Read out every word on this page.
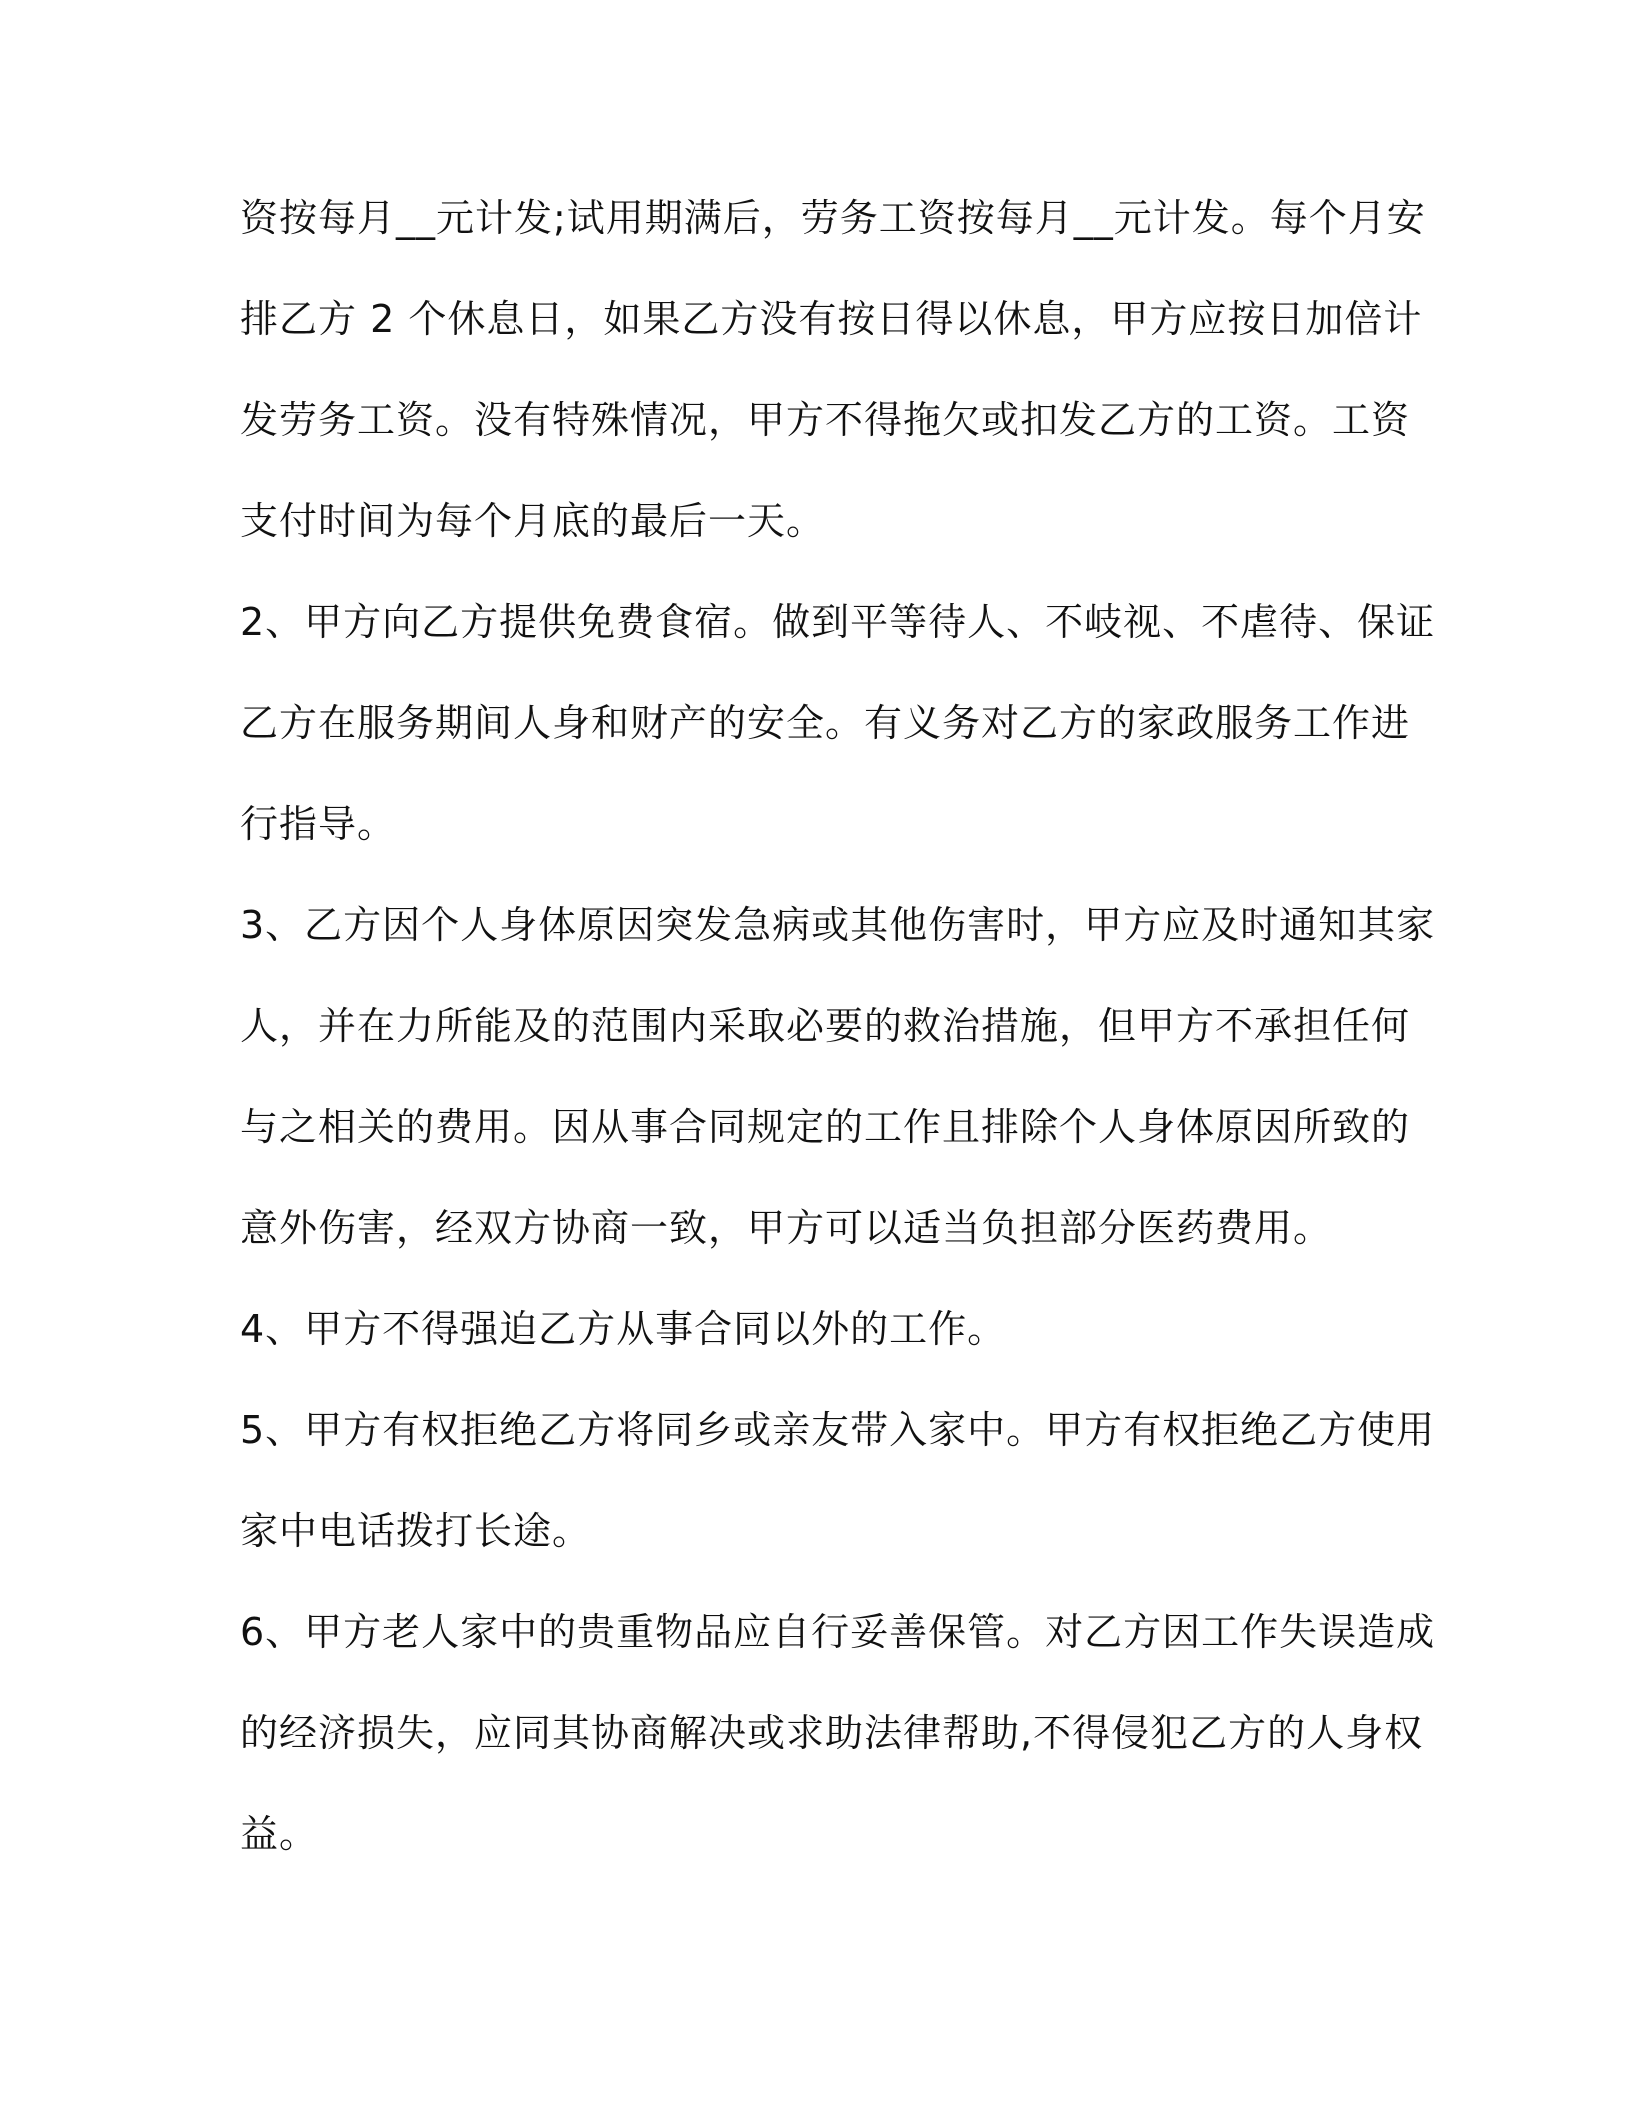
资按每月__元计发;试用期满后，劳务工资按每月__元计发。每个月安
排乙方 2 个休息日，如果乙方没有按日得以休息，甲方应按日加倍计
发劳务工资。没有特殊情况，甲方不得拖欠或扣发乙方的工资。工资
支付时间为每个月底的最后一天。
2、甲方向乙方提供免费食宿。做到平等待人、不岐视、不虐待、保证
乙方在服务期间人身和财产的安全。有义务对乙方的家政服务工作进
行指导。
3、乙方因个人身体原因突发急病或其他伤害时，甲方应及时通知其家
人，并在力所能及的范围内采取必要的救治措施，但甲方不承担任何
与之相关的费用。因从事合同规定的工作且排除个人身体原因所致的
意外伤害，经双方协商一致，甲方可以适当负担部分医药费用。
4、甲方不得强迫乙方从事合同以外的工作。
5、甲方有权拒绝乙方将同乡或亲友带入家中。甲方有权拒绝乙方使用
家中电话拨打长途。
6、甲方老人家中的贵重物品应自行妥善保管。对乙方因工作失误造成
的经济损失，应同其协商解决或求助法律帮助,不得侵犯乙方的人身权
益。
